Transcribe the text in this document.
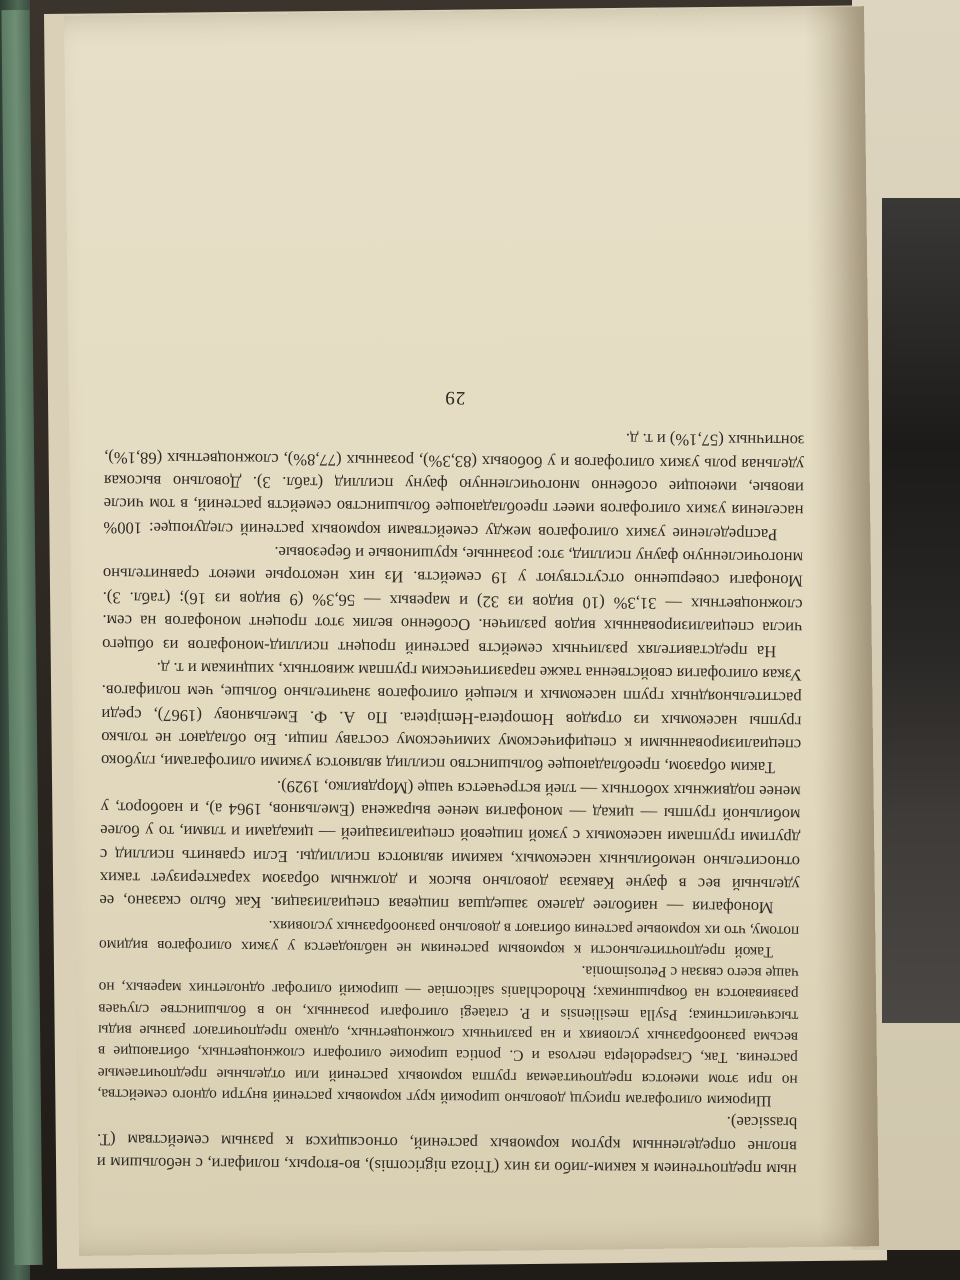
ным предпочтением к каким-либо из них (Trioza nigricornis), во-вторых, полифаги, с небольшим и вполне определенным кругом кормовых растений, относящихся к разным семействам (T. brassicae).

Широким олигофагам присущ довольно широкий круг кормовых растений внутри одного семейства, но при этом имеются предпочитаемая группа кормовых растений или отдельные предпочитаемые растения. Так, Craspedolepta nervosa и C. pontica широкие олигофаги сложноцветных, обитающие в весьма разнообразных условиях и на различных сложноцветных, однако предпочитают разные виды тысячелистника; Psylla mesiliensis и P. crataegi олигофаги розанных, но в большинстве случаев развиваются на боярышниках; Rhodochlanis salicorniae — широкий олигофаг однолетних маревых, но чаще всего связан с Petrosimonia.

Такой предпочтительности к кормовым растениям не наблюдается у узких олигофагов видимо потому, что их кормовые растения обитают в довольно разнообразных условиях.

Монофагия — наиболее далеко зашедшая пищевая специализация. Как было сказано, ее удельный вес в фауне Кавказа довольно высок и должным образом характеризует таких относительно немобильных насекомых, какими являются псиллиды. Если сравнить псиллид с другими группами насекомых с узкой пищевой специализацией — цикадами и тлями, то у более мобильной группы — цикад — монофагия менее выражена (Емельянов, 1964 а), и наоборот, у менее подвижных хоботных — тлей встречается чаще (Мордвилко, 1929).

Таким образом, преобладающее большинство псиллид являются узкими олигофагами, глубоко специализированными к специфическому химическому составу пищи. Ею обладают не только группы насекомых из отрядов Homoptera-Hemiptera. По А. Ф. Емельянову (1967), среди растительноядных групп насекомых и клещей олигофагов значительно больше, чем полифагов. Узкая олигофагия свойственна также паразитическим группам животных, хищникам и т. д.

На представителях различных семейств растений процент псиллид-монофагов из общего числа специализированных видов различен. Особенно велик этот процент монофагов на сем. сложноцветных — 31,3% (10 видов из 32) и маревых — 56,3% (9 видов из 16); (табл. 3). Монофаги совершенно отсутствуют у 19 семейств. Из них некоторые имеют сравнительно многочисленную фауну псиллид, это: розанные, крушиновые и березовые.

Распределение узких олигофагов между семействами кормовых растений следующее: 100% населения узких олигофагов имеет преобладающее большинство семейств растений, в том числе ивовые, имеющие особенно многочисленную фауну псиллид (табл. 3). Довольно высокая удельная роль узких олигофагов и у бобовых (83,3%), розанных (77,8%), сложноцветных (68,1%), зонтичных (57,1%) и т. д.

29
